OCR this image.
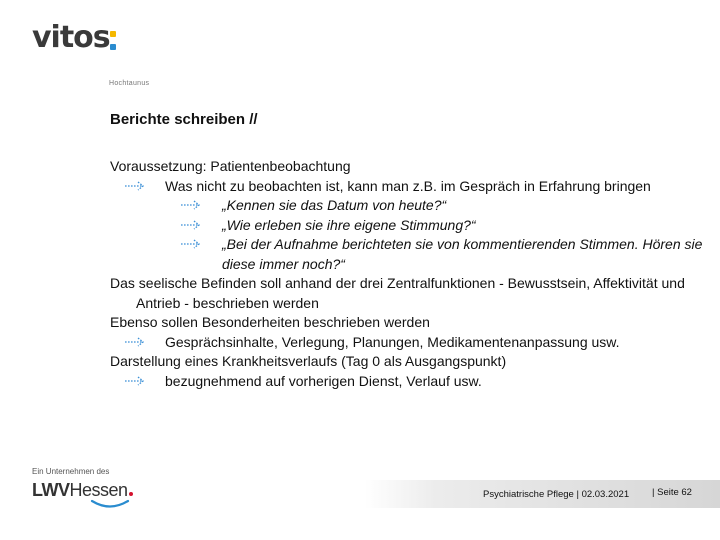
vitos
Hochtaunus
Berichte schreiben //
Voraussetzung: Patientenbeobachtung
Was nicht zu beobachten ist, kann man z.B. im Gespräch in Erfahrung bringen
„Kennen sie das Datum von heute?“
„Wie erleben sie ihre eigene Stimmung?“
„Bei der Aufnahme berichteten sie von kommentierenden Stimmen. Hören sie diese immer noch?“
Das seelische Befinden soll anhand der drei Zentralfunktionen - Bewusstsein, Affektivität und Antrieb - beschrieben werden
Ebenso sollen Besonderheiten beschrieben werden
Gesprächsinhalte, Verlegung, Planungen, Medikamentenanpassung usw.
Darstellung eines Krankheitsverlaufs (Tag 0 als Ausgangspunkt)
bezugnehmend auf vorherigen Dienst, Verlauf usw.
Ein Unternehmen des
LWVHessen	Psychiatrische Pflege | 02.03.2021 | Seite 62
